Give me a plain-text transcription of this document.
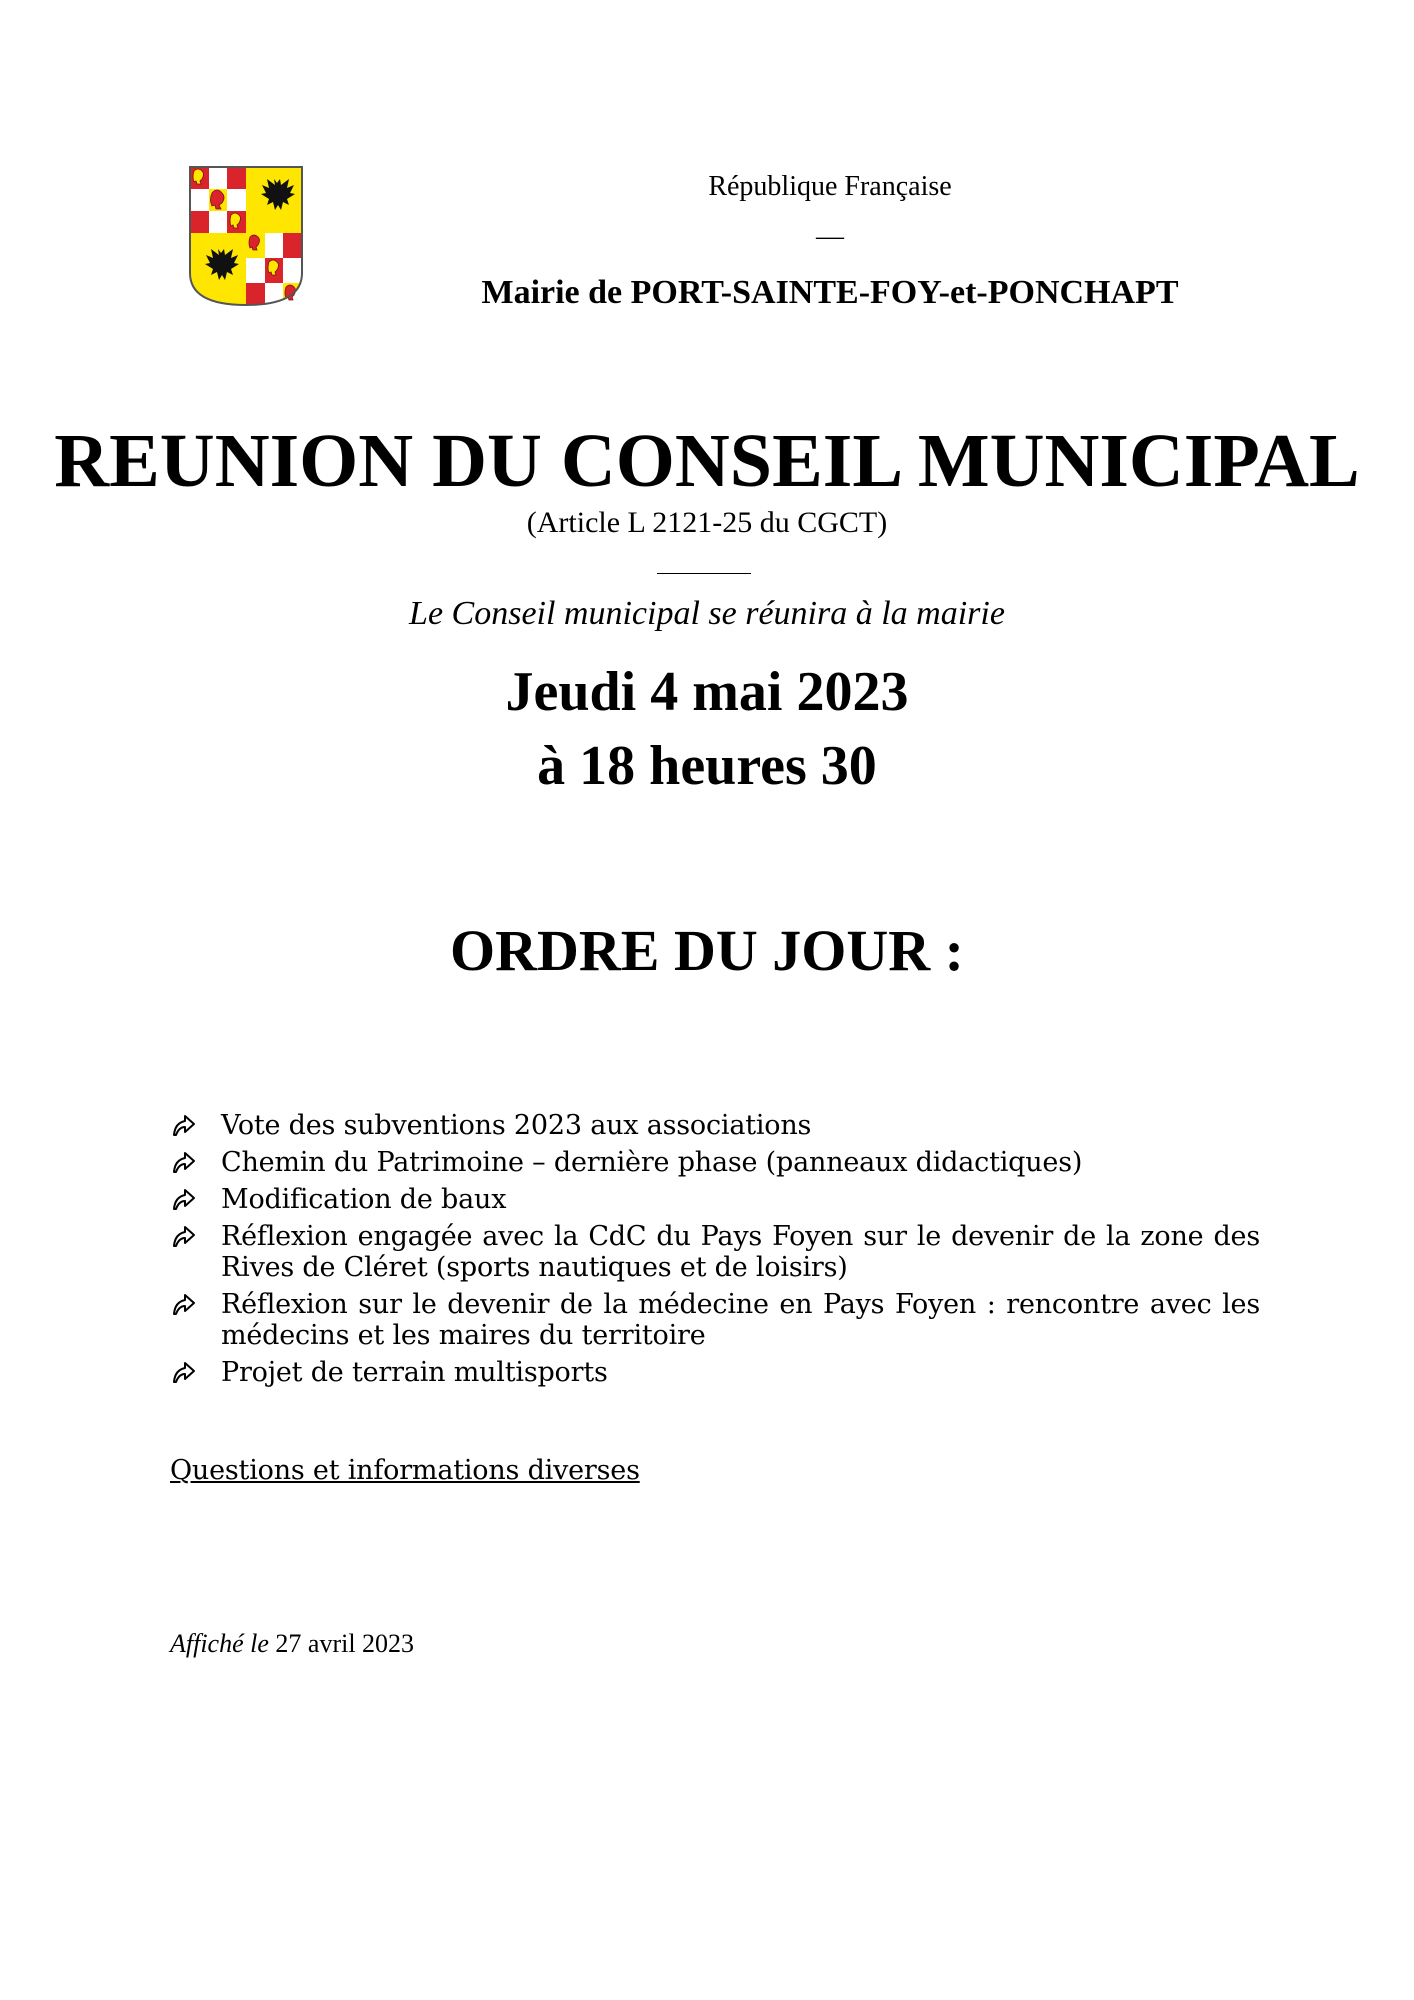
République Française
—
Mairie de PORT-SAINTE-FOY-et-PONCHAPT
REUNION DU CONSEIL MUNICIPAL
(Article L 2121-25 du CGCT)
Le Conseil municipal se réunira à la mairie
Jeudi 4 mai 2023
à 18 heures 30
ORDRE DU JOUR :
Vote des subventions 2023 aux associations
Chemin du Patrimoine – dernière phase (panneaux didactiques)
Modification de baux
Réflexion engagée avec la CdC du Pays Foyen sur le devenir de la zone des Rives de Cléret (sports nautiques et de loisirs)
Réflexion sur le devenir de la médecine en Pays Foyen : rencontre avec les médecins et les maires du territoire
Projet de terrain multisports
Questions et informations diverses
Affiché le 27 avril 2023
